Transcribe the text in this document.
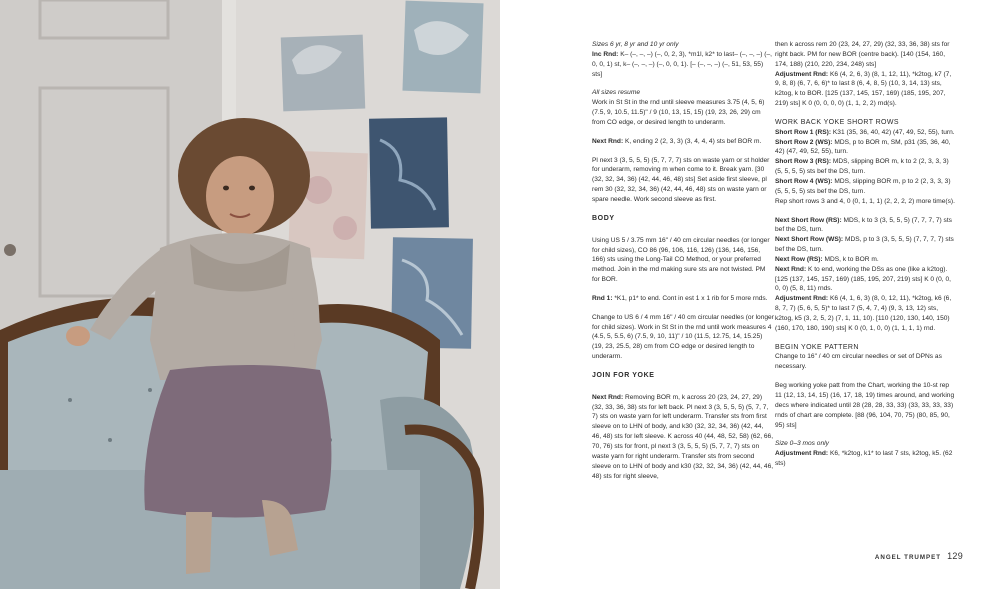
Sizes 6 yr, 8 yr and 10 yr only
Inc Rnd: K– (–, –, –) (–, 0, 2, 3), *m1l, k2* to last– (–, –, –) (–, 0, 0, 1) st, k– (–, –, –) (–, 0, 0, 1). [– (–, –, –) (–, 51, 53, 55) sts]

All sizes resume
Work in St St in the rnd until sleeve measures 3.75 (4, 5, 6) (7.5, 9, 10.5, 11.5)" / 9 (10, 13, 15, 15) (19, 23, 26, 29) cm from CO edge, or desired length to underarm.

Next Rnd: K, ending 2 (2, 3, 3) (3, 4, 4, 4) sts bef BOR m.

Pl next 3 (3, 5, 5, 5) (5, 7, 7, 7) sts on waste yarn or st holder for underarm, removing m when come to it. Break yarn. [30 (32, 32, 34, 36) (42, 44, 46, 48) sts] Set aside first sleeve, pl rem 30 (32, 32, 34, 36) (42, 44, 46, 48) sts on waste yarn or spare needle. Work second sleeve as first.

BODY

Using US 5 / 3.75 mm 16" / 40 cm circular needles (or longer for child sizes), CO 86 (96, 106, 116, 126) (136, 146, 156, 166) sts using the Long-Tail CO Method, or your preferred method. Join in the rnd making sure sts are not twisted. PM for BOR.

Rnd 1: *K1, p1* to end. Cont in est 1 x 1 rib for 5 more rnds.

Change to US 6 / 4 mm 16" / 40 cm circular needles (or longer for child sizes). Work in St St in the rnd until work measures 4 (4.5, 5, 5.5, 6) (7.5, 9, 10, 11)" / 10 (11.5, 12.75, 14, 15.25) (19, 23, 25.5, 28) cm from CO edge or desired length to underarm.

JOIN FOR YOKE

Next Rnd: Removing BOR m, k across 20 (23, 24, 27, 29) (32, 33, 36, 38) sts for left back. Pl next 3 (3, 5, 5, 5) (5, 7, 7, 7) sts on waste yarn for left underarm. Transfer sts from first sleeve on to LHN of body, and k30 (32, 32, 34, 36) (42, 44, 46, 48) sts for left sleeve. K across 40 (44, 48, 52, 58) (62, 66, 70, 76) sts for front, pl next 3 (3, 5, 5, 5) (5, 7, 7, 7) sts on waste yarn for right underarm. Transfer sts from second sleeve on to LHN of body and k30 (32, 32, 34, 36) (42, 44, 46, 48) sts for right sleeve,

then k across rem 20 (23, 24, 27, 29) (32, 33, 36, 38) sts for right back. PM for new BOR (centre back). [140 (154, 160, 174, 188) (210, 220, 234, 248) sts]
Adjustment Rnd: K6 (4, 2, 6, 3) (8, 1, 12, 11), *k2tog, k7 (7, 9, 8, 8) (6, 7, 6, 6)* to last 8 (6, 4, 8, 5) (10, 3, 14, 13) sts, k2tog, k to BOR. [125 (137, 145, 157, 169) (185, 195, 207, 219) sts] K 0 (0, 0, 0, 0) (1, 1, 2, 2) rnd(s).

WORK BACK YOKE SHORT ROWS

Short Row 1 (RS): K31 (35, 36, 40, 42) (47, 49, 52, 55), turn.
Short Row 2 (WS): MDS, p to BOR m, SM, p31 (35, 36, 40, 42) (47, 49, 52, 55), turn.
Short Row 3 (RS): MDS, slipping BOR m, k to 2 (2, 3, 3, 3) (5, 5, 5, 5) sts bef the DS, turn.
Short Row 4 (WS): MDS, slipping BOR m, p to 2 (2, 3, 3, 3) (5, 5, 5, 5) sts bef the DS, turn.
Rep short rows 3 and 4, 0 (0, 1, 1, 1) (2, 2, 2, 2) more time(s).

Next Short Row (RS): MDS, k to 3 (3, 5, 5, 5) (7, 7, 7, 7) sts bef the DS, turn.
Next Short Row (WS): MDS, p to 3 (3, 5, 5, 5) (7, 7, 7, 7) sts bef the DS, turn.
Next Row (RS): MDS, k to BOR m.
Next Rnd: K to end, working the DSs as one (like a k2tog). [125 (137, 145, 157, 169) (185, 195, 207, 219) sts] K 0 (0, 0, 0, 0) (5, 8, 11) rnds.
Adjustment Rnd: K6 (4, 1, 6, 3) (8, 0, 12, 11), *k2tog, k6 (6, 8, 7, 7) (5, 6, 5, 5)* to last 7 (5, 4, 7, 4) (9, 3, 13, 12) sts, k2tog, k5 (3, 2, 5, 2) (7, 1, 11, 10). [110 (120, 130, 140, 150) (160, 170, 180, 190) sts] K 0 (0, 1, 0, 0) (1, 1, 1, 1) rnd.

BEGIN YOKE PATTERN
Change to 16" / 40 cm circular needles or set of DPNs as necessary.

Beg working yoke patt from the Chart, working the 10-st rep 11 (12, 13, 14, 15) (16, 17, 18, 19) times around, and working decs where indicated until 28 (28, 28, 33, 33) (33, 33, 33, 33) rnds of chart are complete. [88 (96, 104, 70, 75) (80, 85, 90, 95) sts]

Size 0–3 mos only
Adjustment Rnd: K6, *k2tog, k1* to last 7 sts, k2tog, k5. (62 sts)

ANGEL TRUMPET 129
